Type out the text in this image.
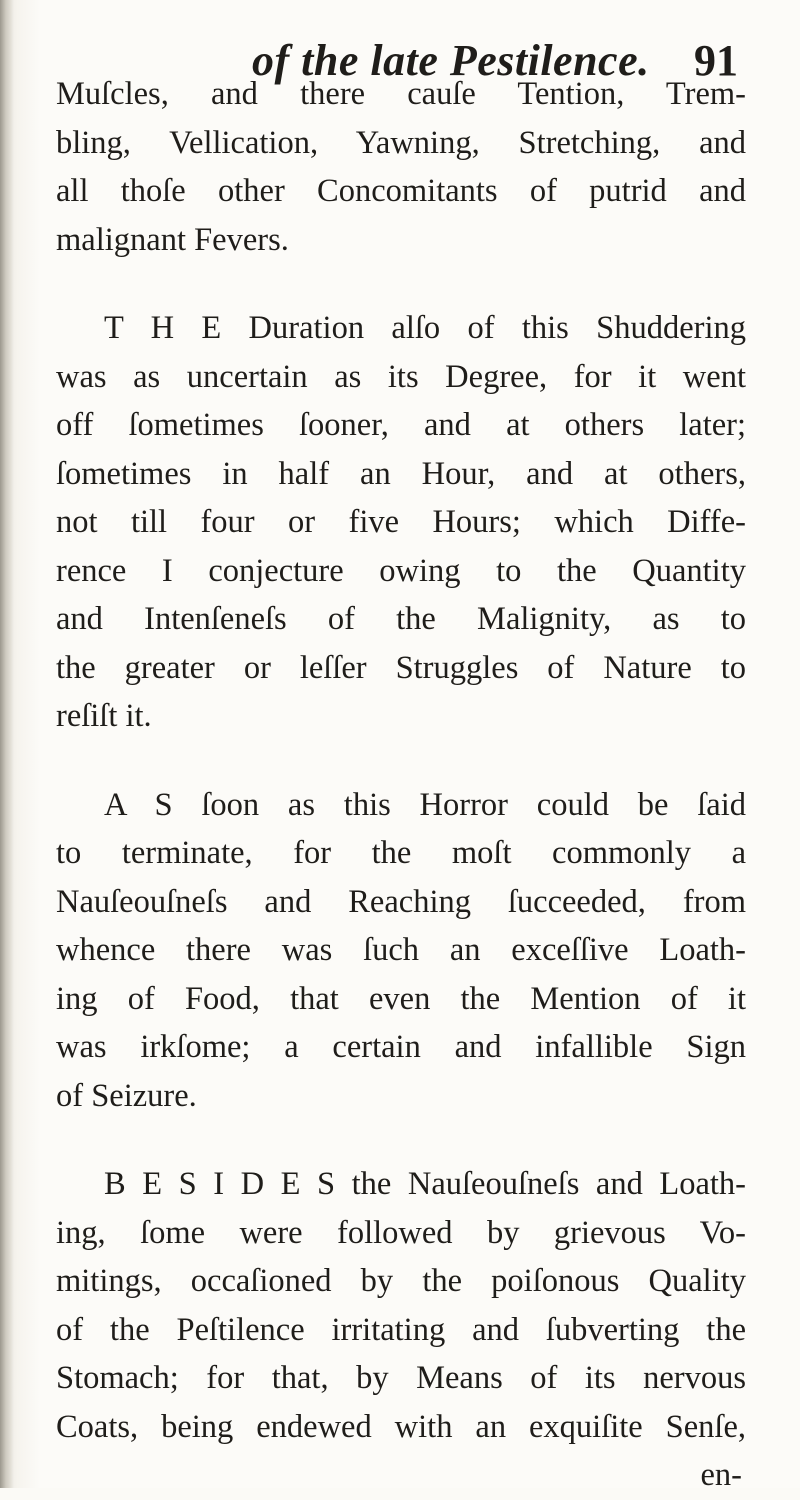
of the late Pestilence. 91
Muſcles, and there cauſe Tention, Trem-
bling, Vellication, Yawning, Stretching, and
all thoſe other Concomitants of putrid and
malignant Fevers.
T H E Duration alſo of this Shuddering
was as uncertain as its Degree, for it went
off ſometimes ſooner, and at others later;
ſometimes in half an Hour, and at others,
not till four or five Hours; which Diffe-
rence I conjecture owing to the Quantity
and Intenſeneſs of the Malignity, as to
the greater or leſſer Struggles of Nature to
reſiſt it.
A S ſoon as this Horror could be ſaid
to terminate, for the moſt commonly a
Nauſeouſneſs and Reaching ſucceeded, from
whence there was ſuch an exceſſive Loath-
ing of Food, that even the Mention of it
was irkſome; a certain and infallible Sign
of Seizure.
B E S I D E S the Nauſeouſneſs and Loath-
ing, ſome were followed by grievous Vo-
mitings, occaſioned by the poiſonous Quality
of the Peſtilence irritating and ſubverting the
Stomach; for that, by Means of its nervous
Coats, being endewed with an exquiſite Senſe,
en-
